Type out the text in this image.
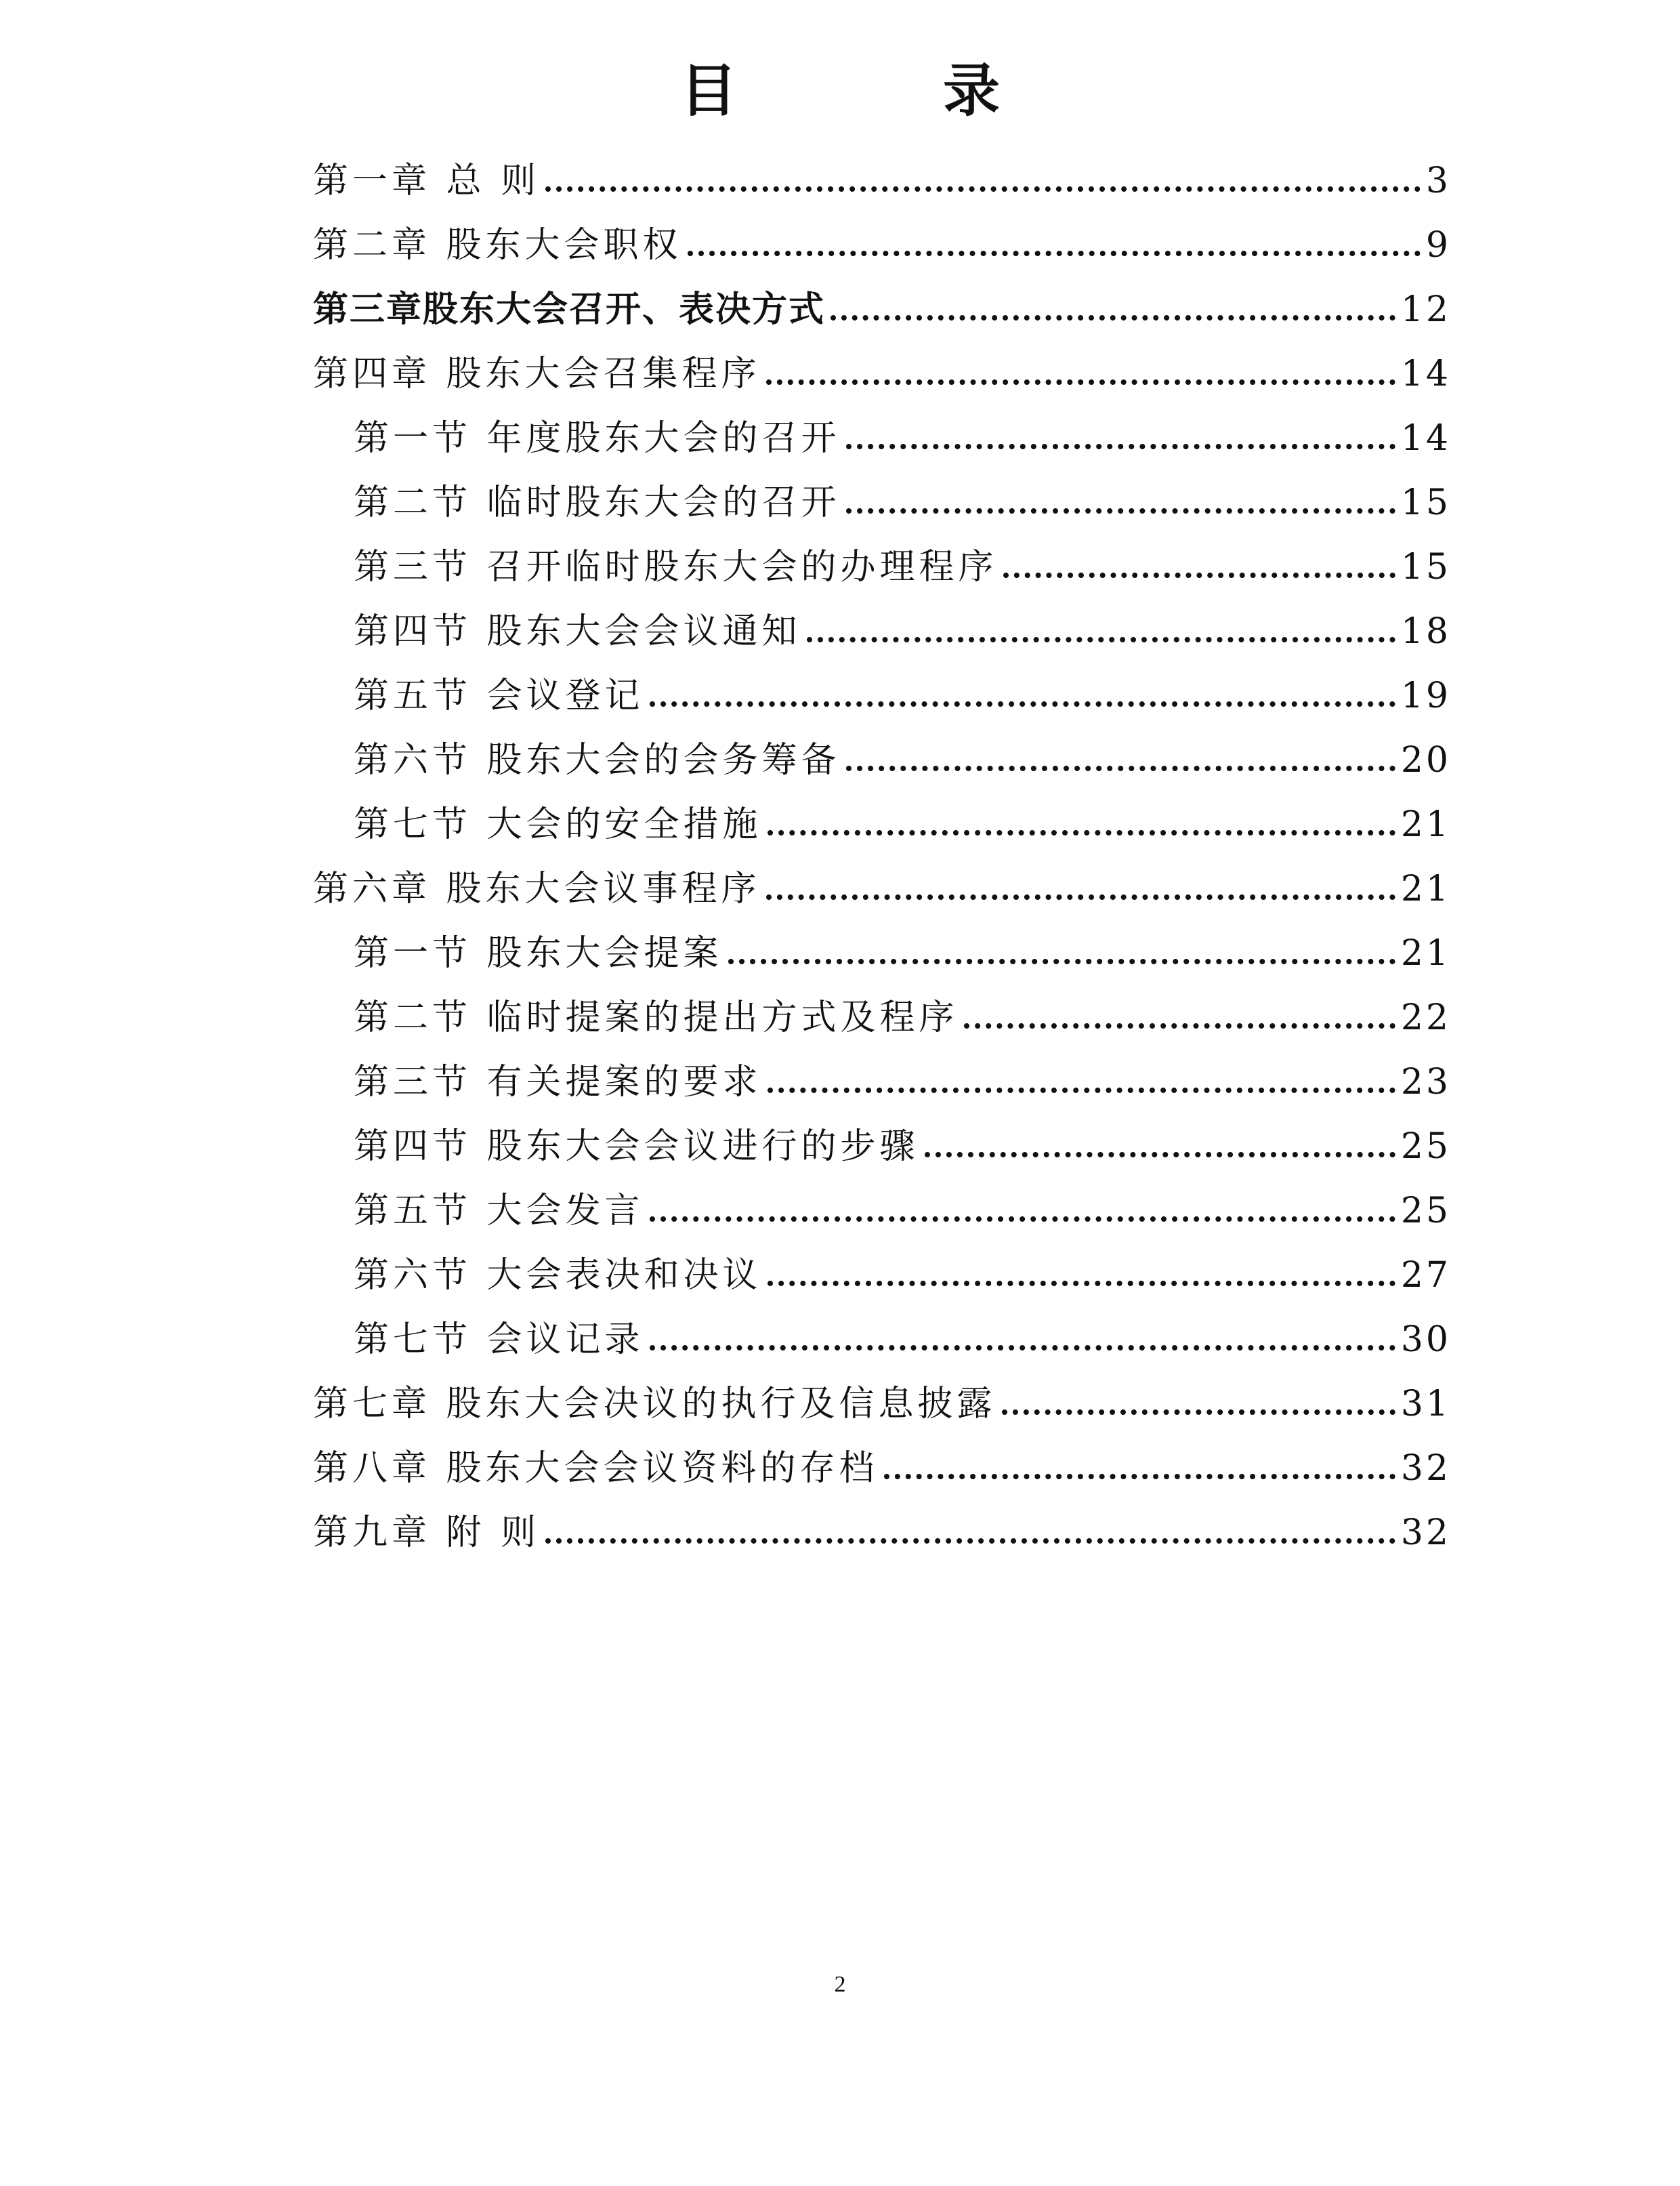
目　录
第一章 总 则	3
第二章 股东大会职权	9
第三章股东大会召开、表决方式	12
第四章 股东大会召集程序	14
第一节 年度股东大会的召开	14
第二节 临时股东大会的召开	15
第三节 召开临时股东大会的办理程序	15
第四节 股东大会会议通知	18
第五节 会议登记	19
第六节 股东大会的会务筹备	20
第七节 大会的安全措施	21
第六章 股东大会议事程序	21
第一节 股东大会提案	21
第二节 临时提案的提出方式及程序	22
第三节 有关提案的要求	23
第四节 股东大会会议进行的步骤	25
第五节 大会发言	25
第六节 大会表决和决议	27
第七节 会议记录	30
第七章 股东大会决议的执行及信息披露	31
第八章 股东大会会议资料的存档	32
第九章 附 则	32
2
